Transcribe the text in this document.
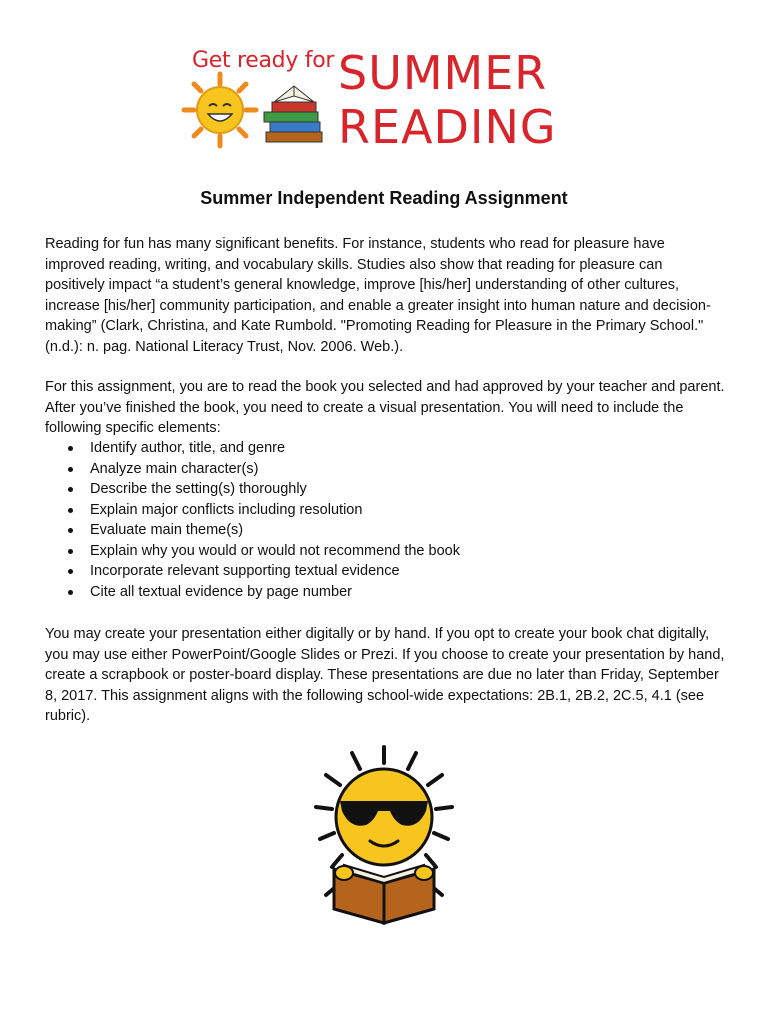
Get ready for SUMMER
READING
Summer Independent Reading Assignment

Reading for fun has many significant benefits. For instance, students who read for pleasure have improved reading, writing, and vocabulary skills. Studies also show that reading for pleasure can positively impact “a student’s general knowledge, improve [his/her] understanding of other cultures, increase [his/her] community participation, and enable a greater insight into human nature and decision-making” (Clark, Christina, and Kate Rumbold. "Promoting Reading for Pleasure in the Primary School." (n.d.): n. pag. National Literacy Trust, Nov. 2006. Web.).

For this assignment, you are to read the book you selected and had approved by your teacher and parent. After you’ve finished the book, you need to create a visual presentation. You will need to include the following specific elements:

Identify author, title, and genre
Analyze main character(s)
Describe the setting(s) thoroughly
Explain major conflicts including resolution
Evaluate main theme(s)
Explain why you would or would not recommend the book
Incorporate relevant supporting textual evidence
Cite all textual evidence by page number

You may create your presentation either digitally or by hand. If you opt to create your book chat digitally, you may use either PowerPoint/Google Slides or Prezi. If you choose to create your presentation by hand, create a scrapbook or poster-board display. These presentations are due no later than Friday, September 8, 2017. This assignment aligns with the following school-wide expectations: 2B.1, 2B.2, 2C.5, 4.1 (see rubric).
